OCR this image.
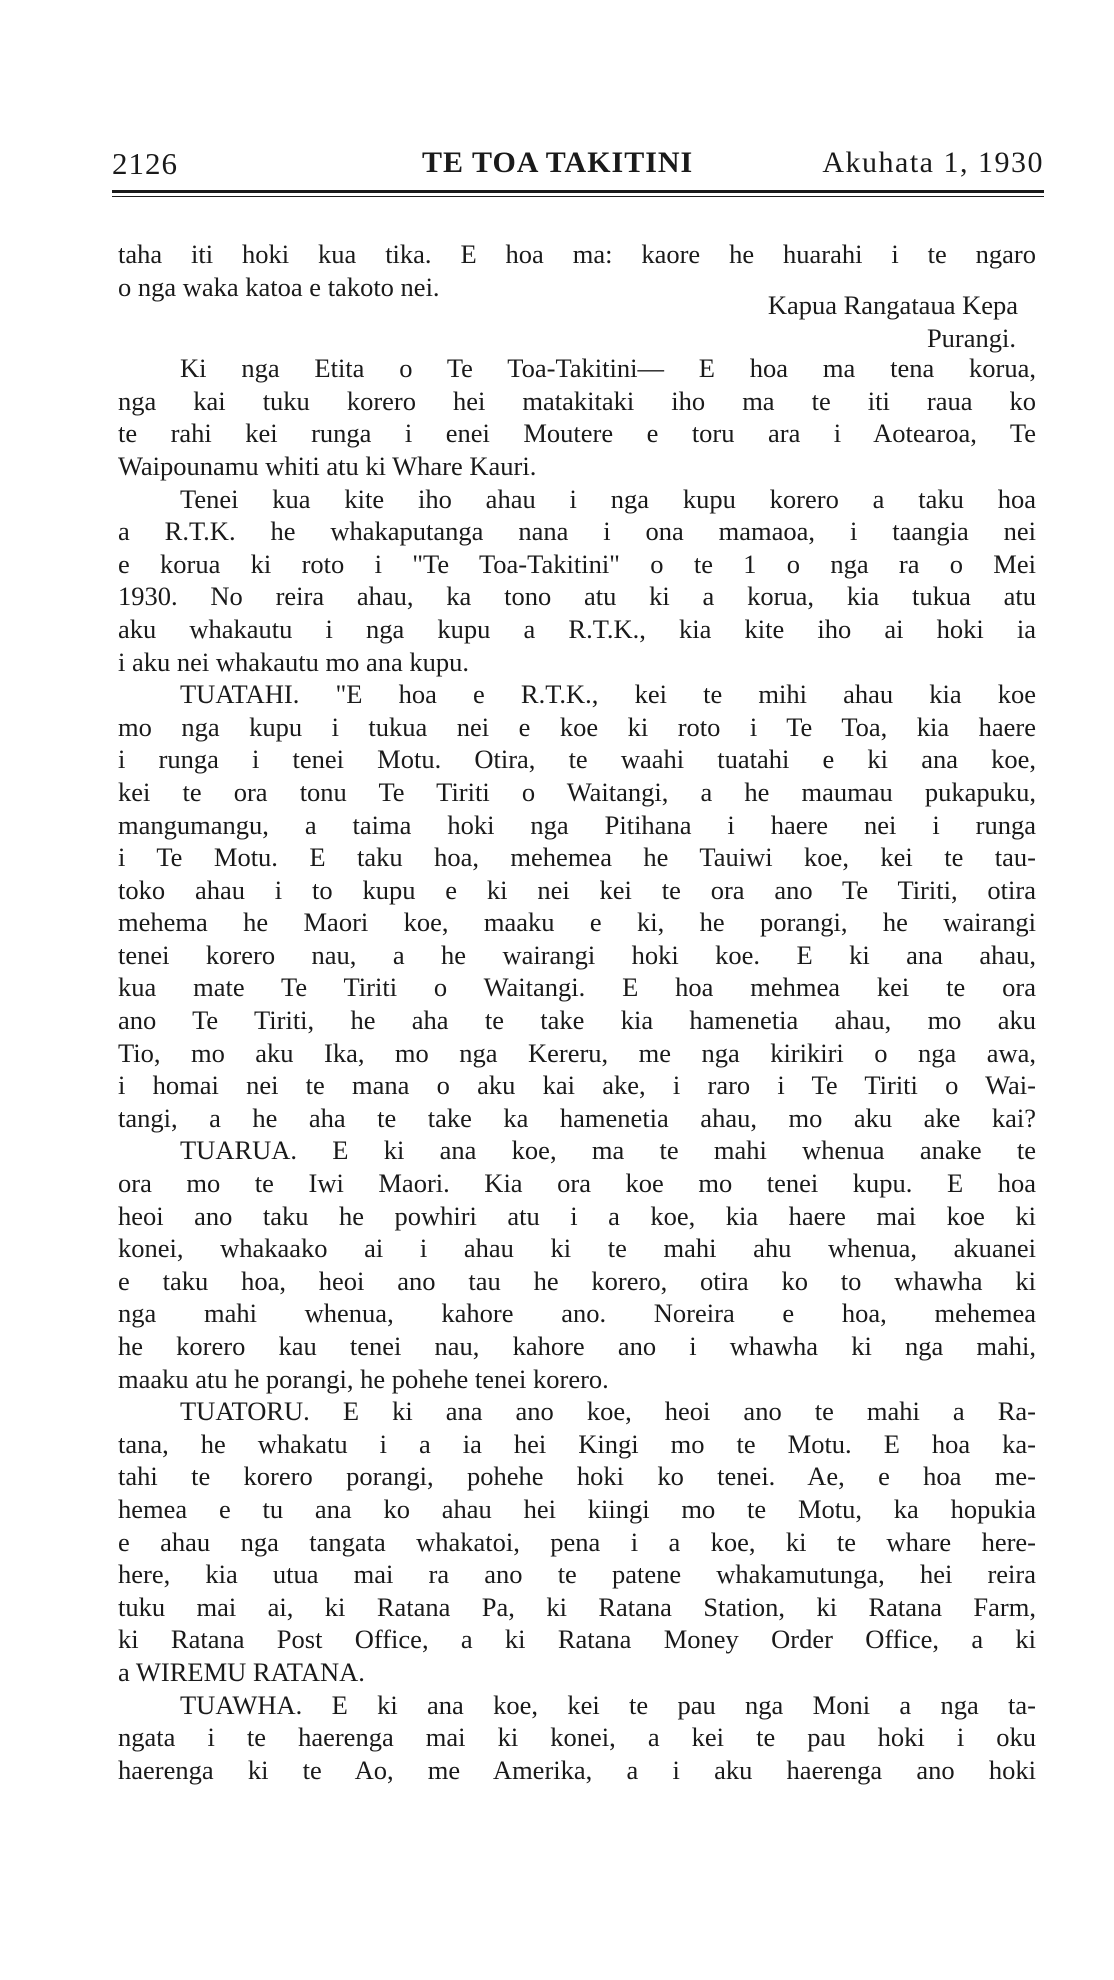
2126	TE TOA TAKITINI	Akuhata 1, 1930
taha iti hoki kua tika. E hoa ma: kaore he huarahi i te ngaro
o nga waka katoa e takoto nei.
Kapua Rangataua Kepa
Purangi.
Ki nga Etita o Te Toa-Takitini— E hoa ma tena korua,
nga kai tuku korero hei matakitaki iho ma te iti raua ko
te rahi kei runga i enei Moutere e toru ara i Aotearoa, Te
Waipounamu whiti atu ki Whare Kauri.
Tenei kua kite iho ahau i nga kupu korero a taku hoa
a R.T.K. he whakaputanga nana i ona mamaoa, i taangia nei
e korua ki roto i "Te Toa-Takitini" o te 1 o nga ra o Mei
1930. No reira ahau, ka tono atu ki a korua, kia tukua atu
aku whakautu i nga kupu a R.T.K., kia kite iho ai hoki ia
i aku nei whakautu mo ana kupu.
TUATAHI. "E hoa e R.T.K., kei te mihi ahau kia koe
mo nga kupu i tukua nei e koe ki roto i Te Toa, kia haere
i runga i tenei Motu. Otira, te waahi tuatahi e ki ana koe,
kei te ora tonu Te Tiriti o Waitangi, a he maumau pukapuku,
mangumangu, a taima hoki nga Pitihana i haere nei i runga
i Te Motu. E taku hoa, mehemea he Tauiwi koe, kei te tau-
toko ahau i to kupu e ki nei kei te ora ano Te Tiriti, otira
mehema he Maori koe, maaku e ki, he porangi, he wairangi
tenei korero nau, a he wairangi hoki koe. E ki ana ahau,
kua mate Te Tiriti o Waitangi. E hoa mehmea kei te ora
ano Te Tiriti, he aha te take kia hamenetia ahau, mo aku
Tio, mo aku Ika, mo nga Kereru, me nga kirikiri o nga awa,
i homai nei te mana o aku kai ake, i raro i Te Tiriti o Wai-
tangi, a he aha te take ka hamenetia ahau, mo aku ake kai?
TUARUA. E ki ana koe, ma te mahi whenua anake te
ora mo te Iwi Maori. Kia ora koe mo tenei kupu. E hoa
heoi ano taku he powhiri atu i a koe, kia haere mai koe ki
konei, whakaako ai i ahau ki te mahi ahu whenua, akuanei
e taku hoa, heoi ano tau he korero, otira ko to whawha ki
nga mahi whenua, kahore ano. Noreira e hoa, mehemea
he korero kau tenei nau, kahore ano i whawha ki nga mahi,
maaku atu he porangi, he pohehe tenei korero.
TUATORU. E ki ana ano koe, heoi ano te mahi a Ra-
tana, he whakatu i a ia hei Kingi mo te Motu. E hoa ka-
tahi te korero porangi, pohehe hoki ko tenei. Ae, e hoa me-
hemea e tu ana ko ahau hei kiingi mo te Motu, ka hopukia
e ahau nga tangata whakatoi, pena i a koe, ki te whare here-
here, kia utua mai ra ano te patene whakamutunga, hei reira
tuku mai ai, ki Ratana Pa, ki Ratana Station, ki Ratana Farm,
ki Ratana Post Office, a ki Ratana Money Order Office, a ki
a WIREMU RATANA.
TUAWHA. E ki ana koe, kei te pau nga Moni a nga ta-
ngata i te haerenga mai ki konei, a kei te pau hoki i oku
haerenga ki te Ao, me Amerika, a i aku haerenga ano hoki
